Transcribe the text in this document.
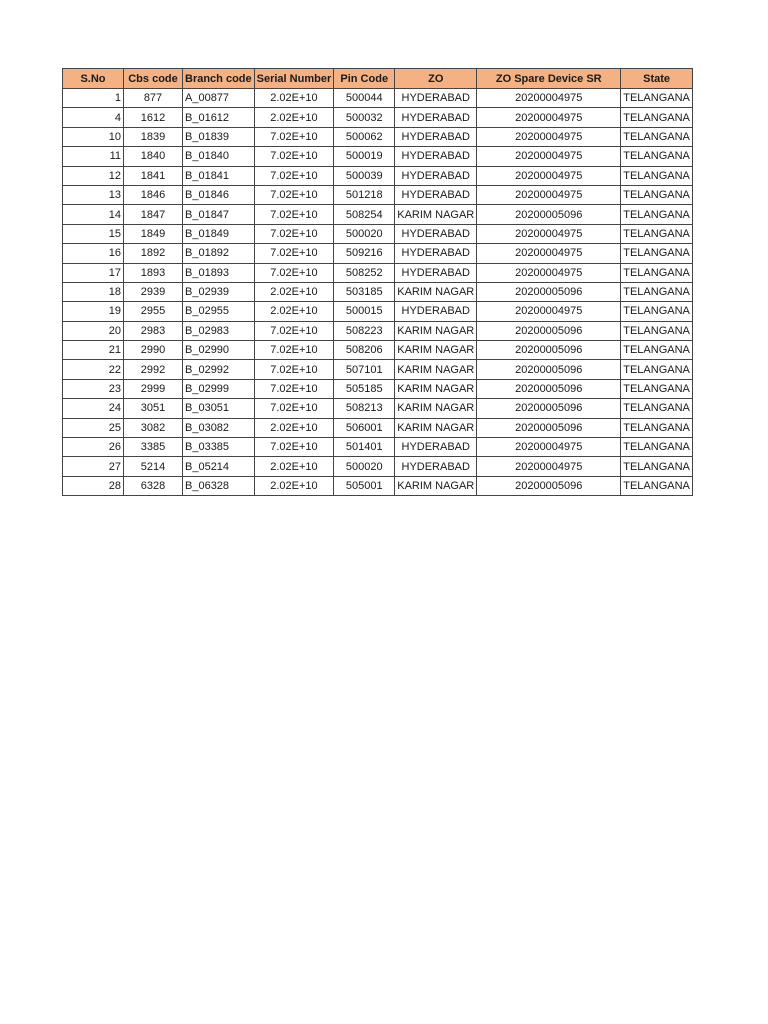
S.No	Cbs code	Branch code	Serial Number	Pin Code	ZO	ZO Spare Device SR	State
1	877	A_00877	2.02E+10	500044	HYDERABAD	20200004975	TELANGANA
4	1612	B_01612	2.02E+10	500032	HYDERABAD	20200004975	TELANGANA
10	1839	B_01839	7.02E+10	500062	HYDERABAD	20200004975	TELANGANA
11	1840	B_01840	7.02E+10	500019	HYDERABAD	20200004975	TELANGANA
12	1841	B_01841	7.02E+10	500039	HYDERABAD	20200004975	TELANGANA
13	1846	B_01846	7.02E+10	501218	HYDERABAD	20200004975	TELANGANA
14	1847	B_01847	7.02E+10	508254	KARIM NAGAR	20200005096	TELANGANA
15	1849	B_01849	7.02E+10	500020	HYDERABAD	20200004975	TELANGANA
16	1892	B_01892	7.02E+10	509216	HYDERABAD	20200004975	TELANGANA
17	1893	B_01893	7.02E+10	508252	HYDERABAD	20200004975	TELANGANA
18	2939	B_02939	2.02E+10	503185	KARIM NAGAR	20200005096	TELANGANA
19	2955	B_02955	2.02E+10	500015	HYDERABAD	20200004975	TELANGANA
20	2983	B_02983	7.02E+10	508223	KARIM NAGAR	20200005096	TELANGANA
21	2990	B_02990	7.02E+10	508206	KARIM NAGAR	20200005096	TELANGANA
22	2992	B_02992	7.02E+10	507101	KARIM NAGAR	20200005096	TELANGANA
23	2999	B_02999	7.02E+10	505185	KARIM NAGAR	20200005096	TELANGANA
24	3051	B_03051	7.02E+10	508213	KARIM NAGAR	20200005096	TELANGANA
25	3082	B_03082	2.02E+10	506001	KARIM NAGAR	20200005096	TELANGANA
26	3385	B_03385	7.02E+10	501401	HYDERABAD	20200004975	TELANGANA
27	5214	B_05214	2.02E+10	500020	HYDERABAD	20200004975	TELANGANA
28	6328	B_06328	2.02E+10	505001	KARIM NAGAR	20200005096	TELANGANA
